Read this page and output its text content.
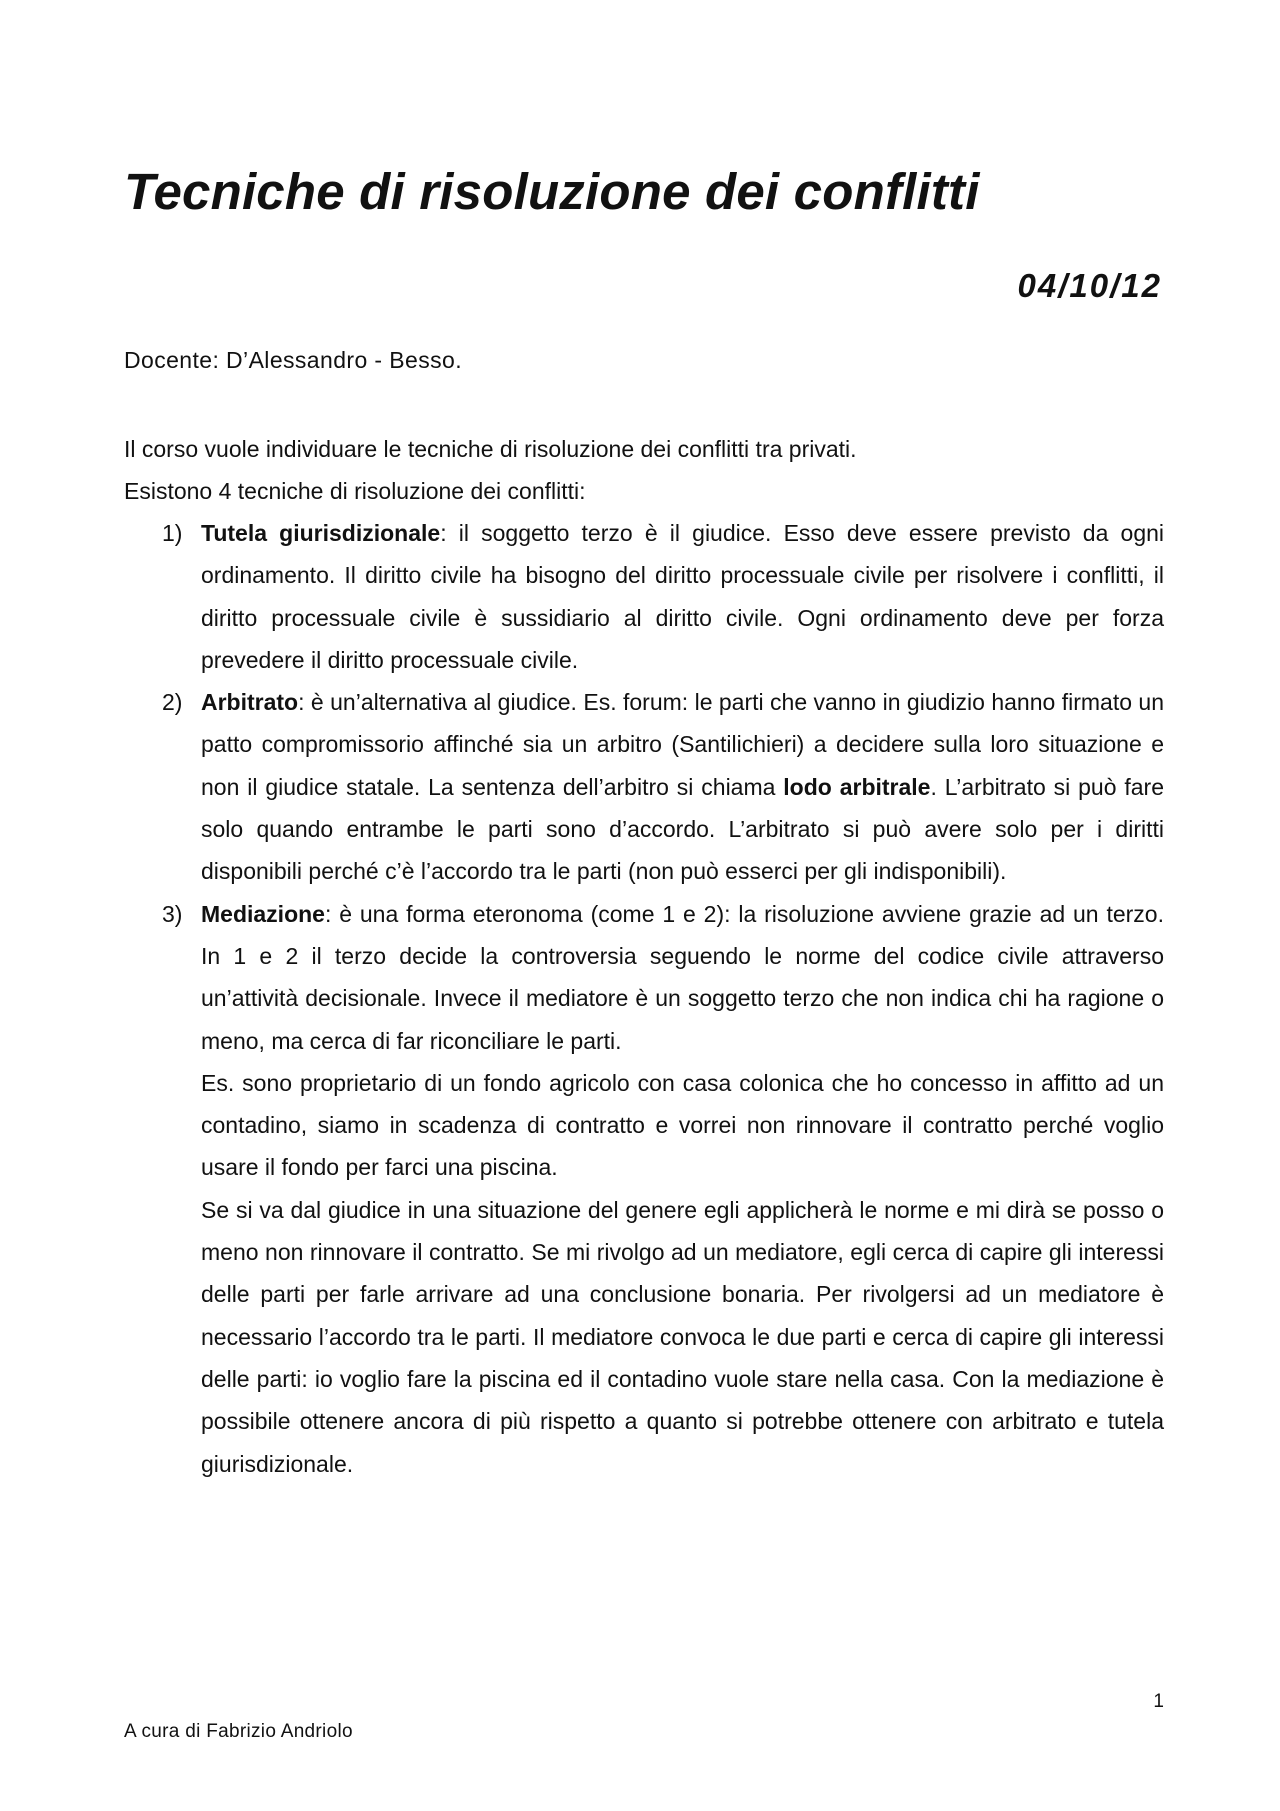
Tecniche di risoluzione dei conflitti
04/10/12
Docente: D’Alessandro - Besso.

Il corso vuole individuare le tecniche di risoluzione dei conflitti tra privati.

Esistono 4 tecniche di risoluzione dei conflitti:

1) Tutela giurisdizionale: il soggetto terzo è il giudice. Esso deve essere previsto da ogni ordinamento. Il diritto civile ha bisogno del diritto processuale civile per risolvere i conflitti, il diritto processuale civile è sussidiario al diritto civile. Ogni ordinamento deve per forza prevedere il diritto processuale civile.

2) Arbitrato: è un’alternativa al giudice. Es. forum: le parti che vanno in giudizio hanno firmato un patto compromissorio affinché sia un arbitro (Santilichieri) a decidere sulla loro situazione e non il giudice statale. La sentenza dell’arbitro si chiama lodo arbitrale. L’arbitrato si può fare solo quando entrambe le parti sono d’accordo. L’arbitrato si può avere solo per i diritti disponibili perché c’è l’accordo tra le parti (non può esserci per gli indisponibili).

3) Mediazione: è una forma eteronoma (come 1 e 2): la risoluzione avviene grazie ad un terzo. In 1 e 2 il terzo decide la controversia seguendo le norme del codice civile attraverso un’attività decisionale. Invece il mediatore è un soggetto terzo che non indica chi ha ragione o meno, ma cerca di far riconciliare le parti.

Es. sono proprietario di un fondo agricolo con casa colonica che ho concesso in affitto ad un contadino, siamo in scadenza di contratto e vorrei non rinnovare il contratto perché voglio usare il fondo per farci una piscina.

Se si va dal giudice in una situazione del genere egli applicherà le norme e mi dirà se posso o meno non rinnovare il contratto. Se mi rivolgo ad un mediatore, egli cerca di capire gli interessi delle parti per farle arrivare ad una conclusione bonaria. Per rivolgersi ad un mediatore è necessario l’accordo tra le parti. Il mediatore convoca le due parti e cerca di capire gli interessi delle parti: io voglio fare la piscina ed il contadino vuole stare nella casa. Con la mediazione è possibile ottenere ancora di più rispetto a quanto si potrebbe ottenere con arbitrato e tutela giurisdizionale.

1
A cura di Fabrizio Andriolo
